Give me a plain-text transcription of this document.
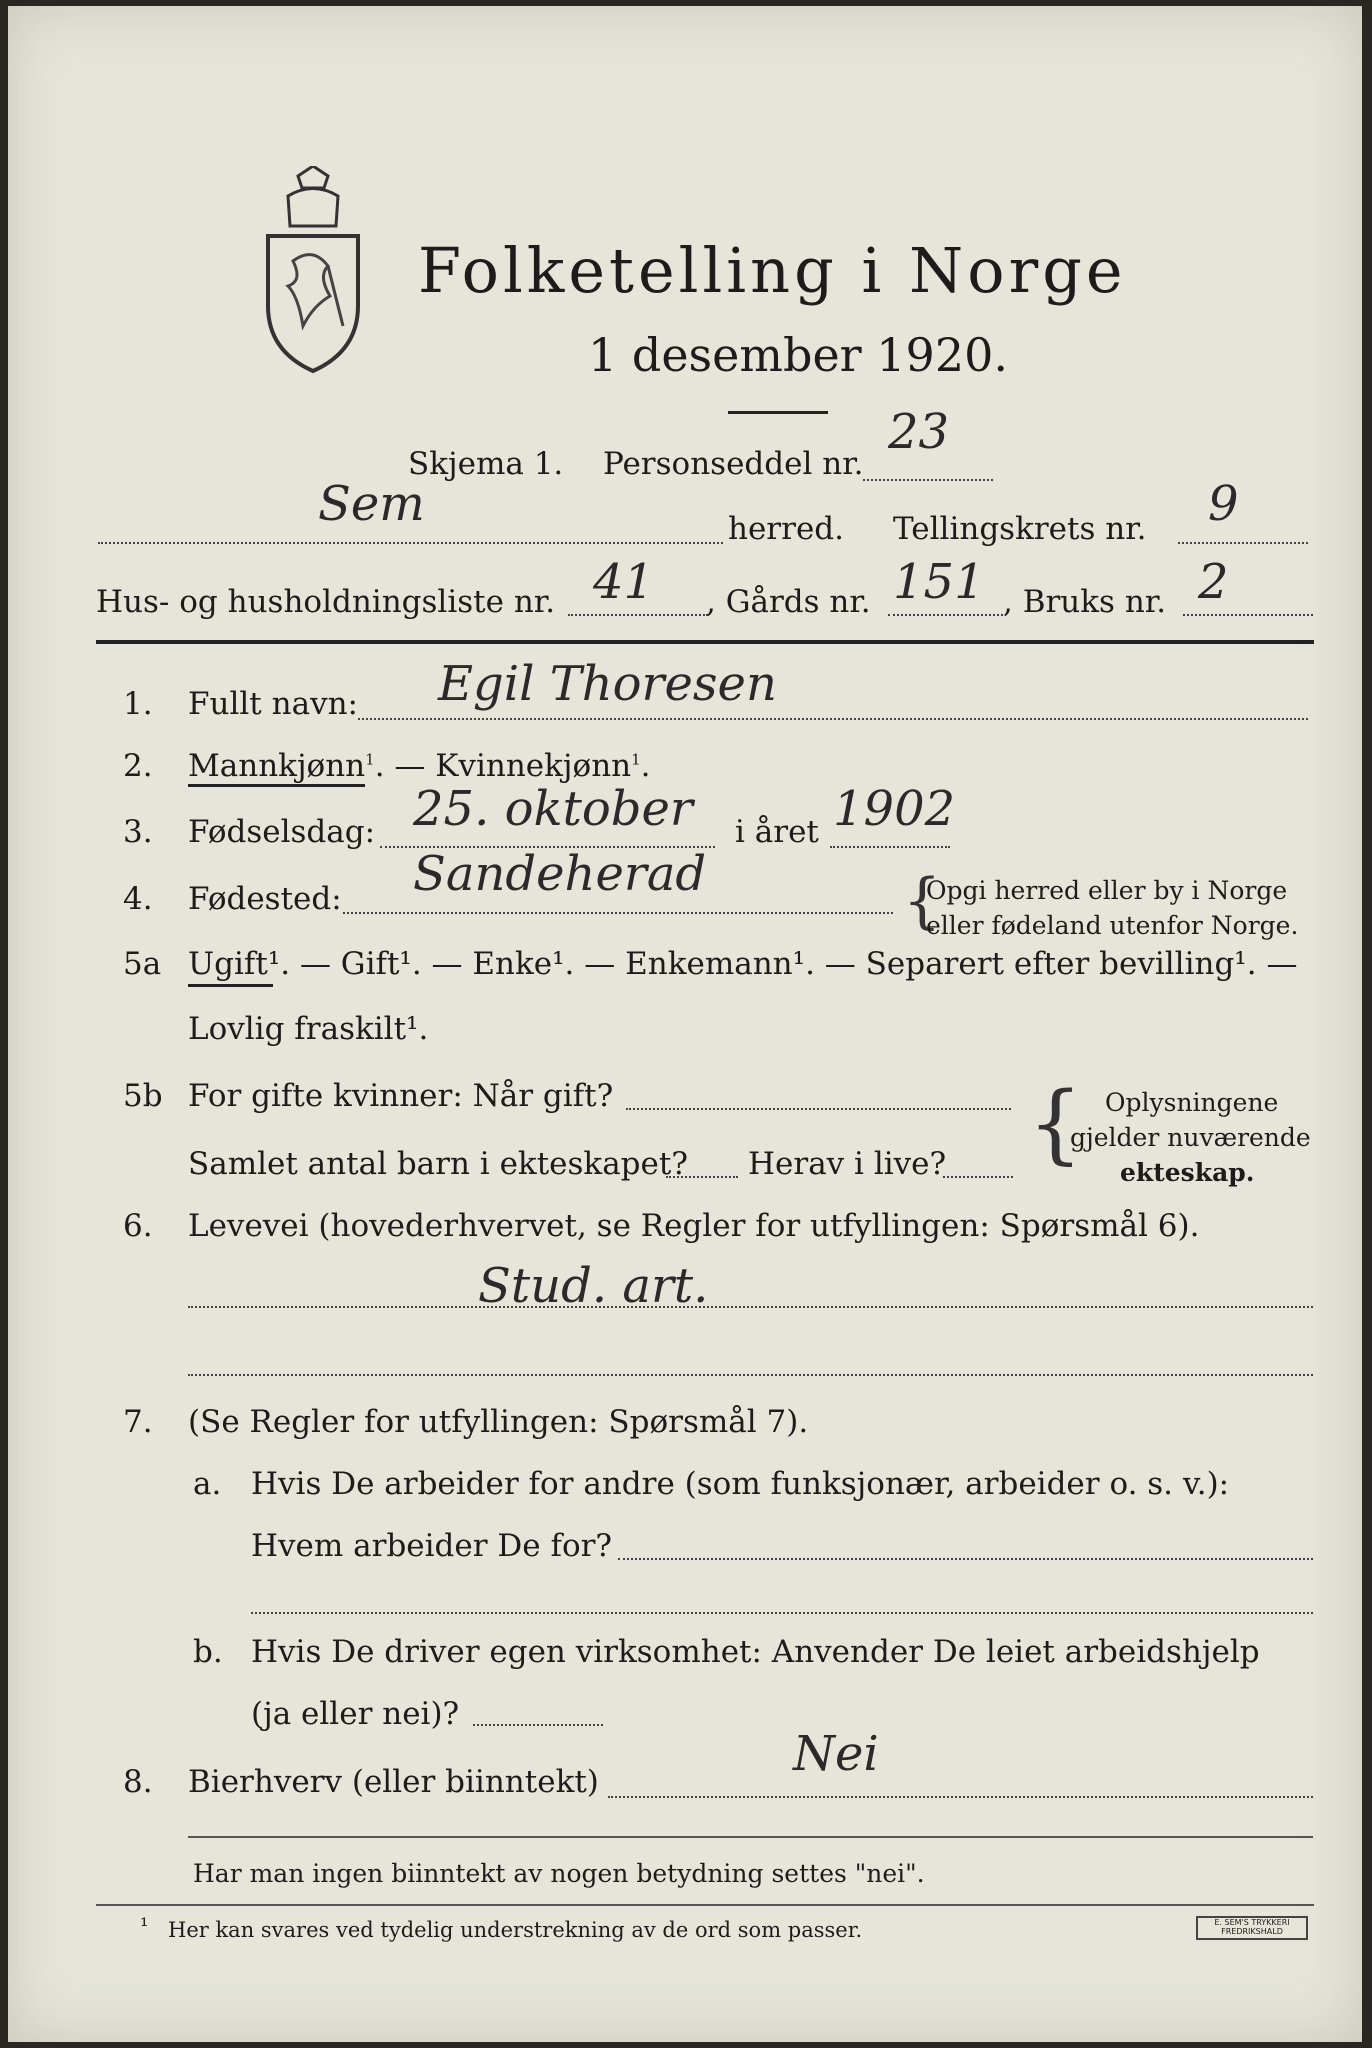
Folketelling i Norge
1 desember 1920.
Skjema 1. Personseddel nr.
23
Sem	herred. Tellingskrets nr. 9
Hus- og husholdningsliste nr. 41 , Gårds nr. 151 , Bruks nr. 2
1. Fullt navn: Egil Thoresen
2. Mannkjønn$^1$. — Kvinnekjønn$^1$.
3. Fødselsdag: 25. oktober i året 1902
4. Fødested: Sandeherad	{
Opgi herred eller by i Norge
eller fødeland utenfor Norge.
5a Ugift¹. — Gift¹. — Enke¹. — Enkemann¹. — Separert efter bevilling¹. —
Lovlig fraskilt¹.
5b For gifte kvinner: Når gift?
Samlet antal barn i ekteskapet? Herav i live? { Oplysningene
gjelder nuværende
ekteskap.
6. Levevei (hovederhvervet, se Regler for utfyllingen: Spørsmål 6).
Stud. art.
7. (Se Regler for utfyllingen: Spørsmål 7).
a. Hvis De arbeider for andre (som funksjonær, arbeider o. s. v.):
Hvem arbeider De for?
b. Hvis De driver egen virksomhet: Anvender De leiet arbeidshjelp
(ja eller nei)?
8. Bierhverv (eller biinntekt)	Nei
Har man ingen biinntekt av nogen betydning settes "nei".
¹ Her kan svares ved tydelig understrekning av de ord som passer.	E. SEM'S TRYKKERI FREDRIKSHALD
